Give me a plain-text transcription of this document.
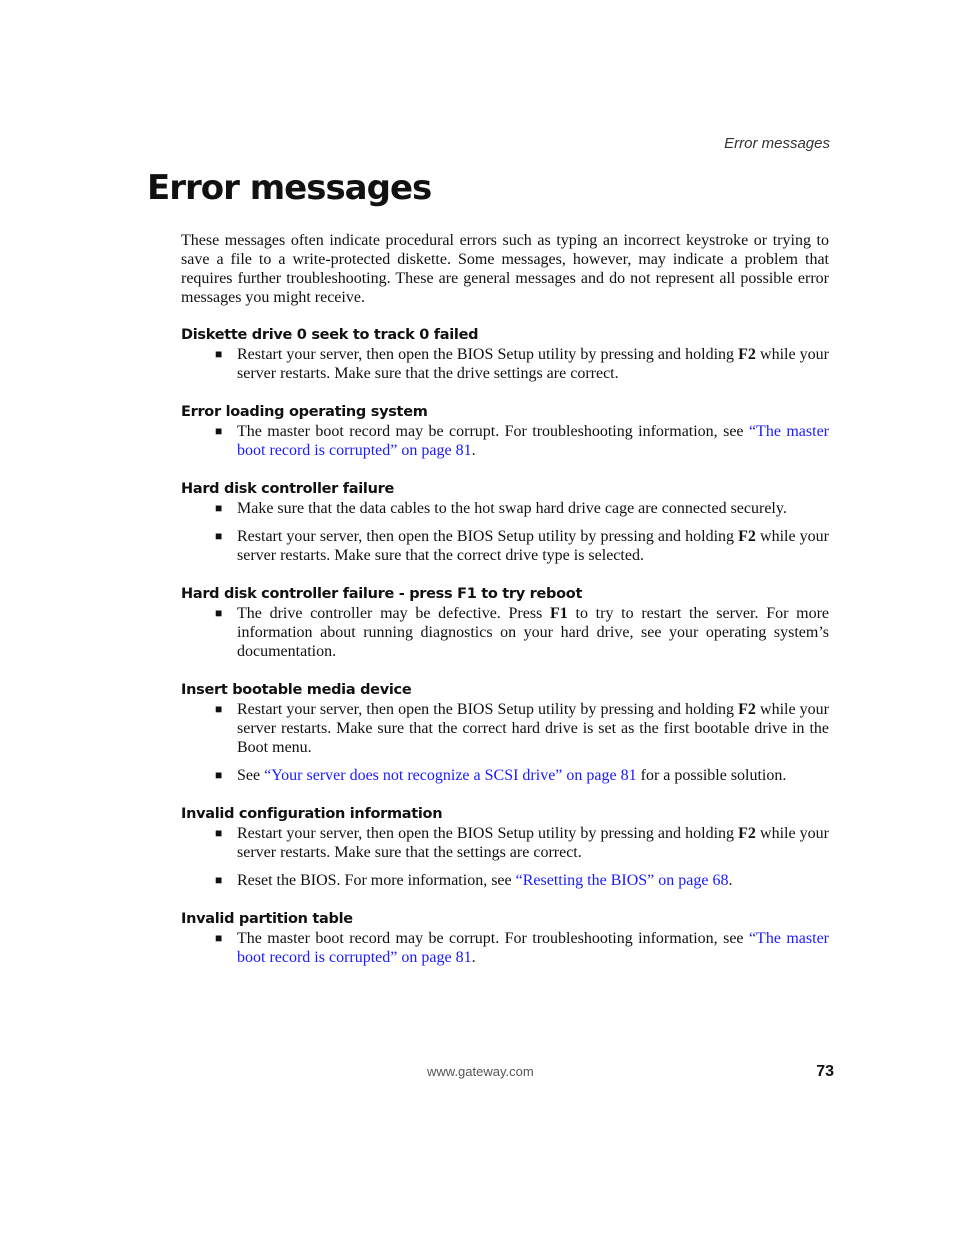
Error messages
Error messages

These messages often indicate procedural errors such as typing an incorrect keystroke or trying to save a file to a write-protected diskette. Some messages, however, may indicate a problem that requires further troubleshooting. These are general messages and do not represent all possible error messages you might receive.

Diskette drive 0 seek to track 0 failed
■ Restart your server, then open the BIOS Setup utility by pressing and holding F2 while your server restarts. Make sure that the drive settings are correct.
Error loading operating system
■ The master boot record may be corrupt. For troubleshooting information, see “The master boot record is corrupted” on page 81.
Hard disk controller failure
■ Make sure that the data cables to the hot swap hard drive cage are connected securely.
■ Restart your server, then open the BIOS Setup utility by pressing and holding F2 while your server restarts. Make sure that the correct drive type is selected.
Hard disk controller failure - press F1 to try reboot
■ The drive controller may be defective. Press F1 to try to restart the server. For more information about running diagnostics on your hard drive, see your operating system’s documentation.
Insert bootable media device
■ Restart your server, then open the BIOS Setup utility by pressing and holding F2 while your server restarts. Make sure that the correct hard drive is set as the first bootable drive in the Boot menu.
■ See “Your server does not recognize a SCSI drive” on page 81 for a possible solution.
Invalid configuration information
■ Restart your server, then open the BIOS Setup utility by pressing and holding F2 while your server restarts. Make sure that the settings are correct.
■ Reset the BIOS. For more information, see “Resetting the BIOS” on page 68.
Invalid partition table
■ The master boot record may be corrupt. For troubleshooting information, see “The master boot record is corrupted” on page 81.
www.gateway.com	73
